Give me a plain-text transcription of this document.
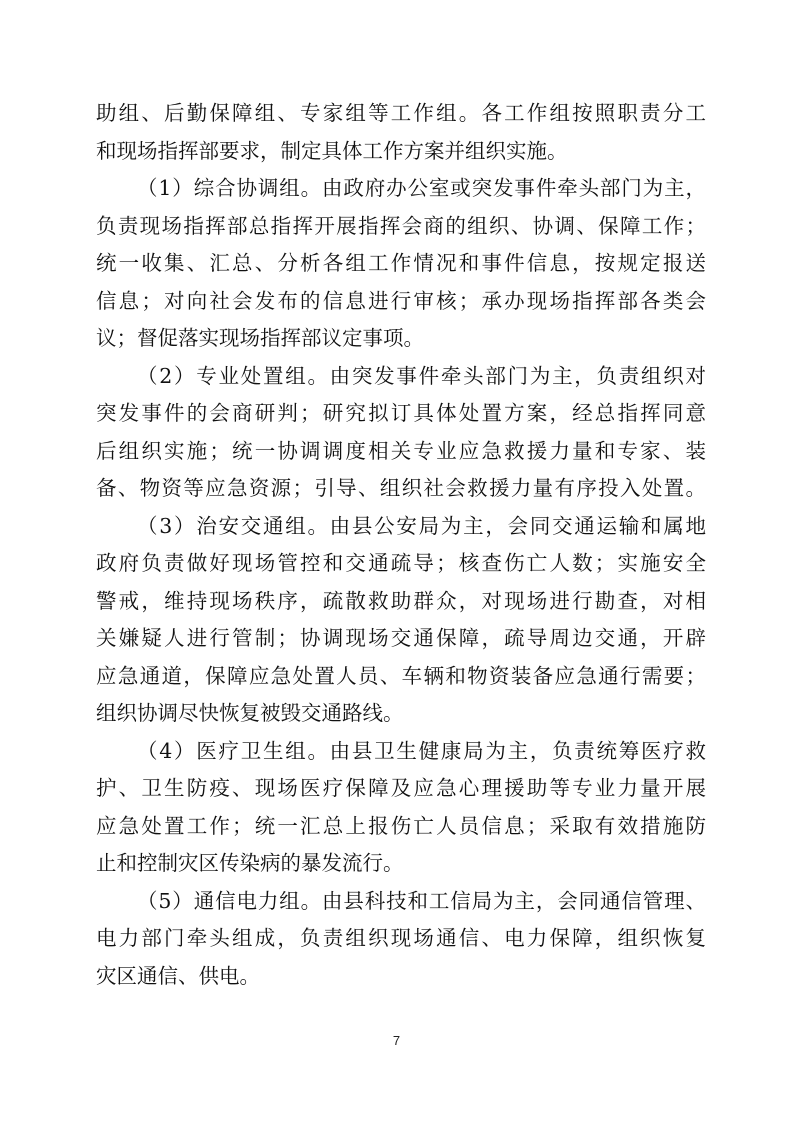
助组、后勤保障组、专家组等工作组。各工作组按照职责分工
和现场指挥部要求，制定具体工作方案并组织实施。
（1）综合协调组。由政府办公室或突发事件牵头部门为主，
负责现场指挥部总指挥开展指挥会商的组织、协调、保障工作；
统一收集、汇总、分析各组工作情况和事件信息，按规定报送
信息；对向社会发布的信息进行审核；承办现场指挥部各类会
议；督促落实现场指挥部议定事项。
（2）专业处置组。由突发事件牵头部门为主，负责组织对
突发事件的会商研判；研究拟订具体处置方案，经总指挥同意
后组织实施；统一协调调度相关专业应急救援力量和专家、装
备、物资等应急资源；引导、组织社会救援力量有序投入处置。
（3）治安交通组。由县公安局为主，会同交通运输和属地
政府负责做好现场管控和交通疏导；核查伤亡人数；实施安全
警戒，维持现场秩序，疏散救助群众，对现场进行勘查，对相
关嫌疑人进行管制；协调现场交通保障，疏导周边交通，开辟
应急通道，保障应急处置人员、车辆和物资装备应急通行需要；
组织协调尽快恢复被毁交通路线。
（4）医疗卫生组。由县卫生健康局为主，负责统筹医疗救
护、卫生防疫、现场医疗保障及应急心理援助等专业力量开展
应急处置工作；统一汇总上报伤亡人员信息；采取有效措施防
止和控制灾区传染病的暴发流行。
（5）通信电力组。由县科技和工信局为主，会同通信管理、
电力部门牵头组成，负责组织现场通信、电力保障，组织恢复
灾区通信、供电。
7
